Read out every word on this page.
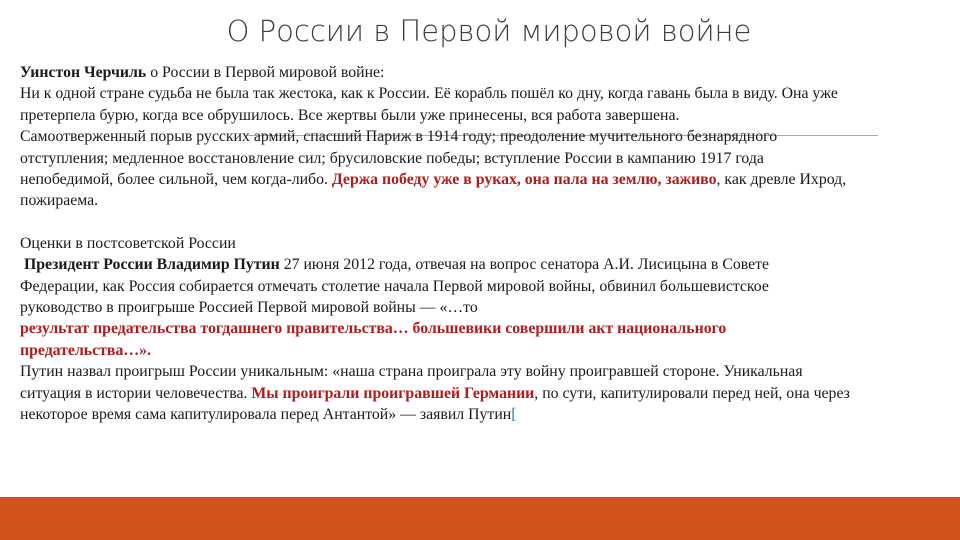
О России в Первой мировой войне

Уинстон Черчиль о России в Первой мировой войне:

Ни к одной стране судьба не была так жестока, как к России. Её корабль пошёл ко дну, когда гавань была в виду. Она уже претерпела бурю, когда все обрушилось. Все жертвы были уже принесены, вся работа завершена.

Самоотверженный порыв русских армий, спасший Париж в 1914 году; преодоление мучительного безнарядного отступления; медленное восстановление сил; брусиловские победы; вступление России в кампанию 1917 года непобедимой, более сильной, чем когда-либо. Держа победу уже в руках, она пала на землю, заживо, как древле Ихрод, пожираема.

Оценки в постсоветской России

Президент России Владимир Путин 27 июня 2012 года, отвечая на вопрос сенатора А.И. Лисицына в Совете Федерации, как Россия собирается отмечать столетие начала Первой мировой войны, обвинил большевистское руководство в проигрыше Россией Первой мировой войны — «…то
результат предательства тогдашнего правительства… большевики совершили акт национального предательства…».

Путин назвал проигрыш России уникальным: «наша страна проиграла эту войну проигравшей стороне. Уникальная ситуация в истории человечества. Мы проиграли проигравшей Германии, по сути, капитулировали перед ней, она через некоторое время сама капитулировала перед Антантой» — заявил Путин[
